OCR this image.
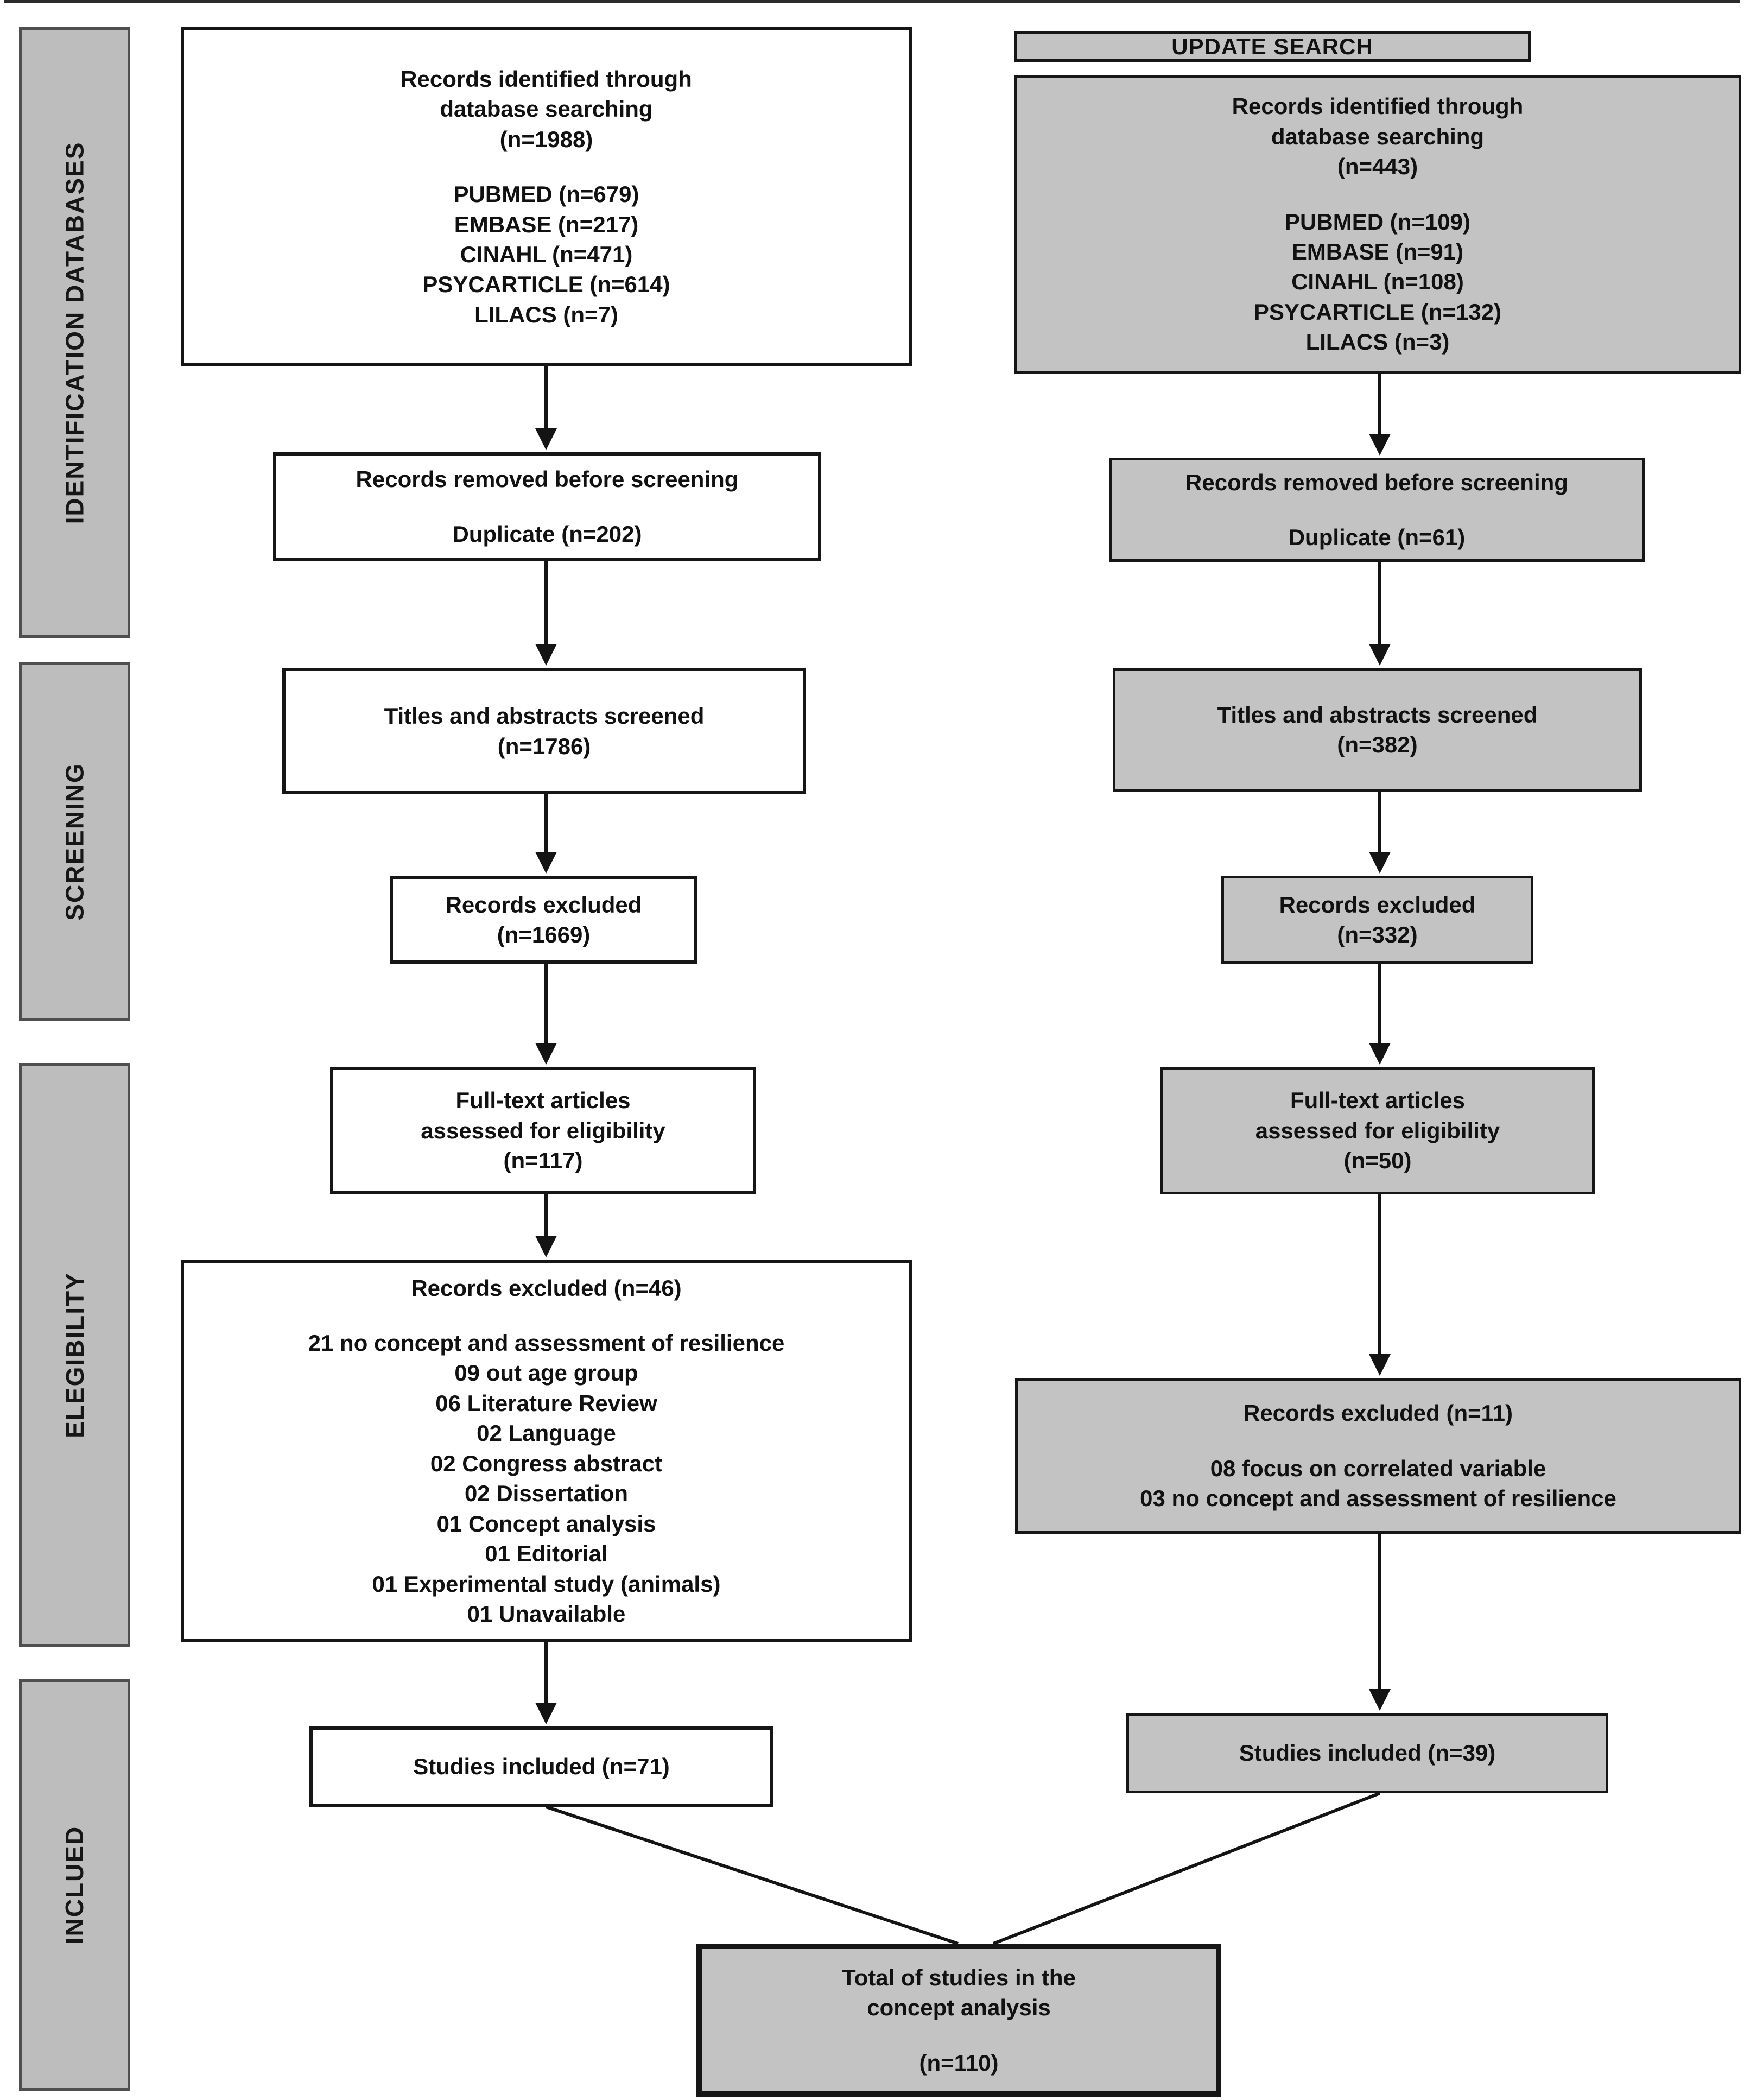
IDENTIFICATION DATABASES
SCREENING
ELEGIBILITY
INCLUED
Records identified through
database searching
(n=1988)
PUBMED (n=679)
EMBASE (n=217)
CINAHL (n=471)
PSYCARTICLE (n=614)
LILACS (n=7)
Records removed before screening
Duplicate (n=202)
Titles and abstracts screened
(n=1786)
Records excluded
(n=1669)
Full-text articles
assessed for eligibility
(n=117)
Records excluded (n=46)
21 no concept and assessment of resilience
09 out age group
06 Literature Review
02 Language
02 Congress abstract
02 Dissertation
01 Concept analysis
01 Editorial
01 Experimental study (animals)
01 Unavailable
Studies included (n=71)
UPDATE SEARCH
Records identified through
database searching
(n=443)
PUBMED (n=109)
EMBASE (n=91)
CINAHL (n=108)
PSYCARTICLE (n=132)
LILACS (n=3)
Records removed before screening
Duplicate (n=61)
Titles and abstracts screened
(n=382)
Records excluded
(n=332)
Full-text articles
assessed for eligibility
(n=50)
Records excluded (n=11)
08 focus on correlated variable
03 no concept and assessment of resilience
Studies included (n=39)
Total of studies in the
concept analysis
(n=110)
